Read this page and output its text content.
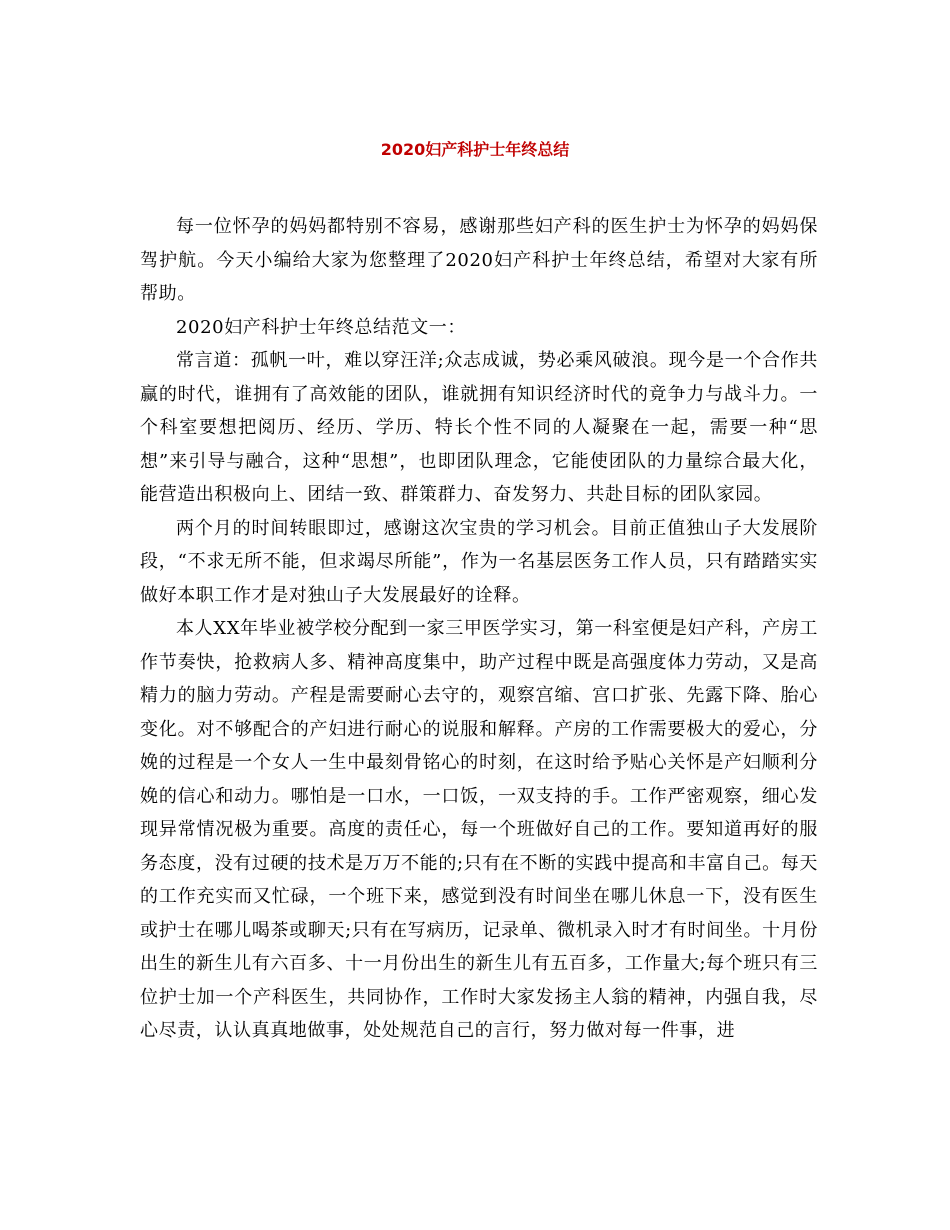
2020妇产科护士年终总结

每一位怀孕的妈妈都特别不容易，感谢那些妇产科的医生护士为怀孕的妈妈保驾护航。今天小编给大家为您整理了2020妇产科护士年终总结，希望对大家有所帮助。

2020妇产科护士年终总结范文一：

常言道：孤帆一叶，难以穿汪洋;众志成诚，势必乘风破浪。现今是一个合作共赢的时代，谁拥有了高效能的团队，谁就拥有知识经济时代的竟争力与战斗力。一个科室要想把阅历、经历、学历、特长个性不同的人凝聚在一起，需要一种“思想”来引导与融合，这种“思想”，也即团队理念，它能使团队的力量综合最大化，能营造出积极向上、团结一致、群策群力、奋发努力、共赴目标的团队家园。

两个月的时间转眼即过，感谢这次宝贵的学习机会。目前正值独山子大发展阶段，“不求无所不能，但求竭尽所能”，作为一名基层医务工作人员，只有踏踏实实做好本职工作才是对独山子大发展最好的诠释。

本人XX年毕业被学校分配到一家三甲医学实习，第一科室便是妇产科，产房工作节奏快，抢救病人多、精神高度集中，助产过程中既是高强度体力劳动，又是高精力的脑力劳动。产程是需要耐心去守的，观察宫缩、宫口扩张、先露下降、胎心变化。对不够配合的产妇进行耐心的说服和解释。产房的工作需要极大的爱心，分娩的过程是一个女人一生中最刻骨铭心的时刻，在这时给予贴心关怀是产妇顺利分娩的信心和动力。哪怕是一口水，一口饭，一双支持的手。工作严密观察，细心发现异常情况极为重要。高度的责任心，每一个班做好自己的工作。要知道再好的服务态度，没有过硬的技术是万万不能的;只有在不断的实践中提高和丰富自己。每天的工作充实而又忙碌，一个班下来，感觉到没有时间坐在哪儿休息一下，没有医生或护士在哪儿喝茶或聊天;只有在写病历，记录单、微机录入时才有时间坐。十月份出生的新生儿有六百多、十一月份出生的新生儿有五百多，工作量大;每个班只有三位护士加一个产科医生，共同协作，工作时大家发扬主人翁的精神，内强自我，尽心尽责，认认真真地做事，处处规范自己的言行，努力做对每一件事，进
